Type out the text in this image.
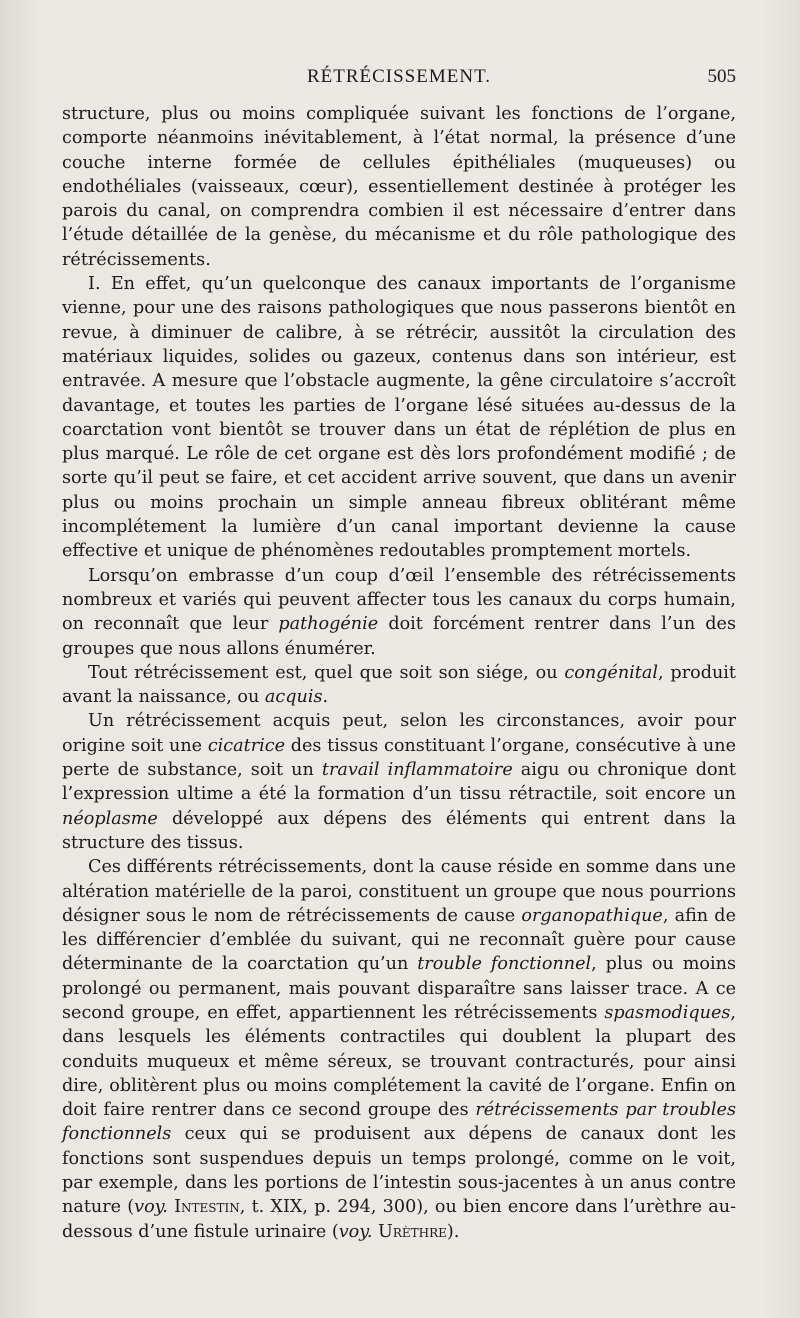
RÉTRÉCISSEMENT.	505

structure, plus ou moins compliquée suivant les fonctions de l’organe, comporte néanmoins inévitablement, à l’état normal, la présence d’une couche interne formée de cellules épithéliales (muqueuses) ou endothéliales (vaisseaux, cœur), essentiellement destinée à protéger les parois du canal, on comprendra combien il est nécessaire d’entrer dans l’étude détaillée de la genèse, du mécanisme et du rôle pathologique des rétrécissements.

I. En effet, qu’un quelconque des canaux importants de l’organisme vienne, pour une des raisons pathologiques que nous passerons bientôt en revue, à diminuer de calibre, à se rétrécir, aussitôt la circulation des matériaux liquides, solides ou gazeux, contenus dans son intérieur, est entravée. A mesure que l’obstacle augmente, la gêne circulatoire s’accroît davantage, et toutes les parties de l’organe lésé situées au-dessus de la coarctation vont bientôt se trouver dans un état de réplétion de plus en plus marqué. Le rôle de cet organe est dès lors profondément modifié ; de sorte qu’il peut se faire, et cet accident arrive souvent, que dans un avenir plus ou moins prochain un simple anneau fibreux oblitérant même incomplétement la lumière d’un canal important devienne la cause effective et unique de phénomènes redoutables promptement mortels.

Lorsqu’on embrasse d’un coup d’œil l’ensemble des rétrécissements nombreux et variés qui peuvent affecter tous les canaux du corps humain, on reconnaît que leur pathogénie doit forcément rentrer dans l’un des groupes que nous allons énumérer.

Tout rétrécissement est, quel que soit son siége, ou congénital, produit avant la naissance, ou acquis.

Un rétrécissement acquis peut, selon les circonstances, avoir pour origine soit une cicatrice des tissus constituant l’organe, consécutive à une perte de substance, soit un travail inflammatoire aigu ou chronique dont l’expression ultime a été la formation d’un tissu rétractile, soit encore un néoplasme développé aux dépens des éléments qui entrent dans la structure des tissus.

Ces différents rétrécissements, dont la cause réside en somme dans une altération matérielle de la paroi, constituent un groupe que nous pourrions désigner sous le nom de rétrécissements de cause organopathique, afin de les différencier d’emblée du suivant, qui ne reconnaît guère pour cause déterminante de la coarctation qu’un trouble fonctionnel, plus ou moins prolongé ou permanent, mais pouvant disparaître sans laisser trace. A ce second groupe, en effet, appartiennent les rétrécissements spasmodiques, dans lesquels les éléments contractiles qui doublent la plupart des conduits muqueux et même séreux, se trouvant contracturés, pour ainsi dire, oblitèrent plus ou moins complétement la cavité de l’organe. Enfin on doit faire rentrer dans ce second groupe des rétrécissements par troubles fonctionnels ceux qui se produisent aux dépens de canaux dont les fonctions sont suspendues depuis un temps prolongé, comme on le voit, par exemple, dans les portions de l’intestin sous-jacentes à un anus contre nature (voy. Intestin, t. XIX, p. 294, 300), ou bien encore dans l’urèthre au-dessous d’une fistule urinaire (voy. Urèthre).
